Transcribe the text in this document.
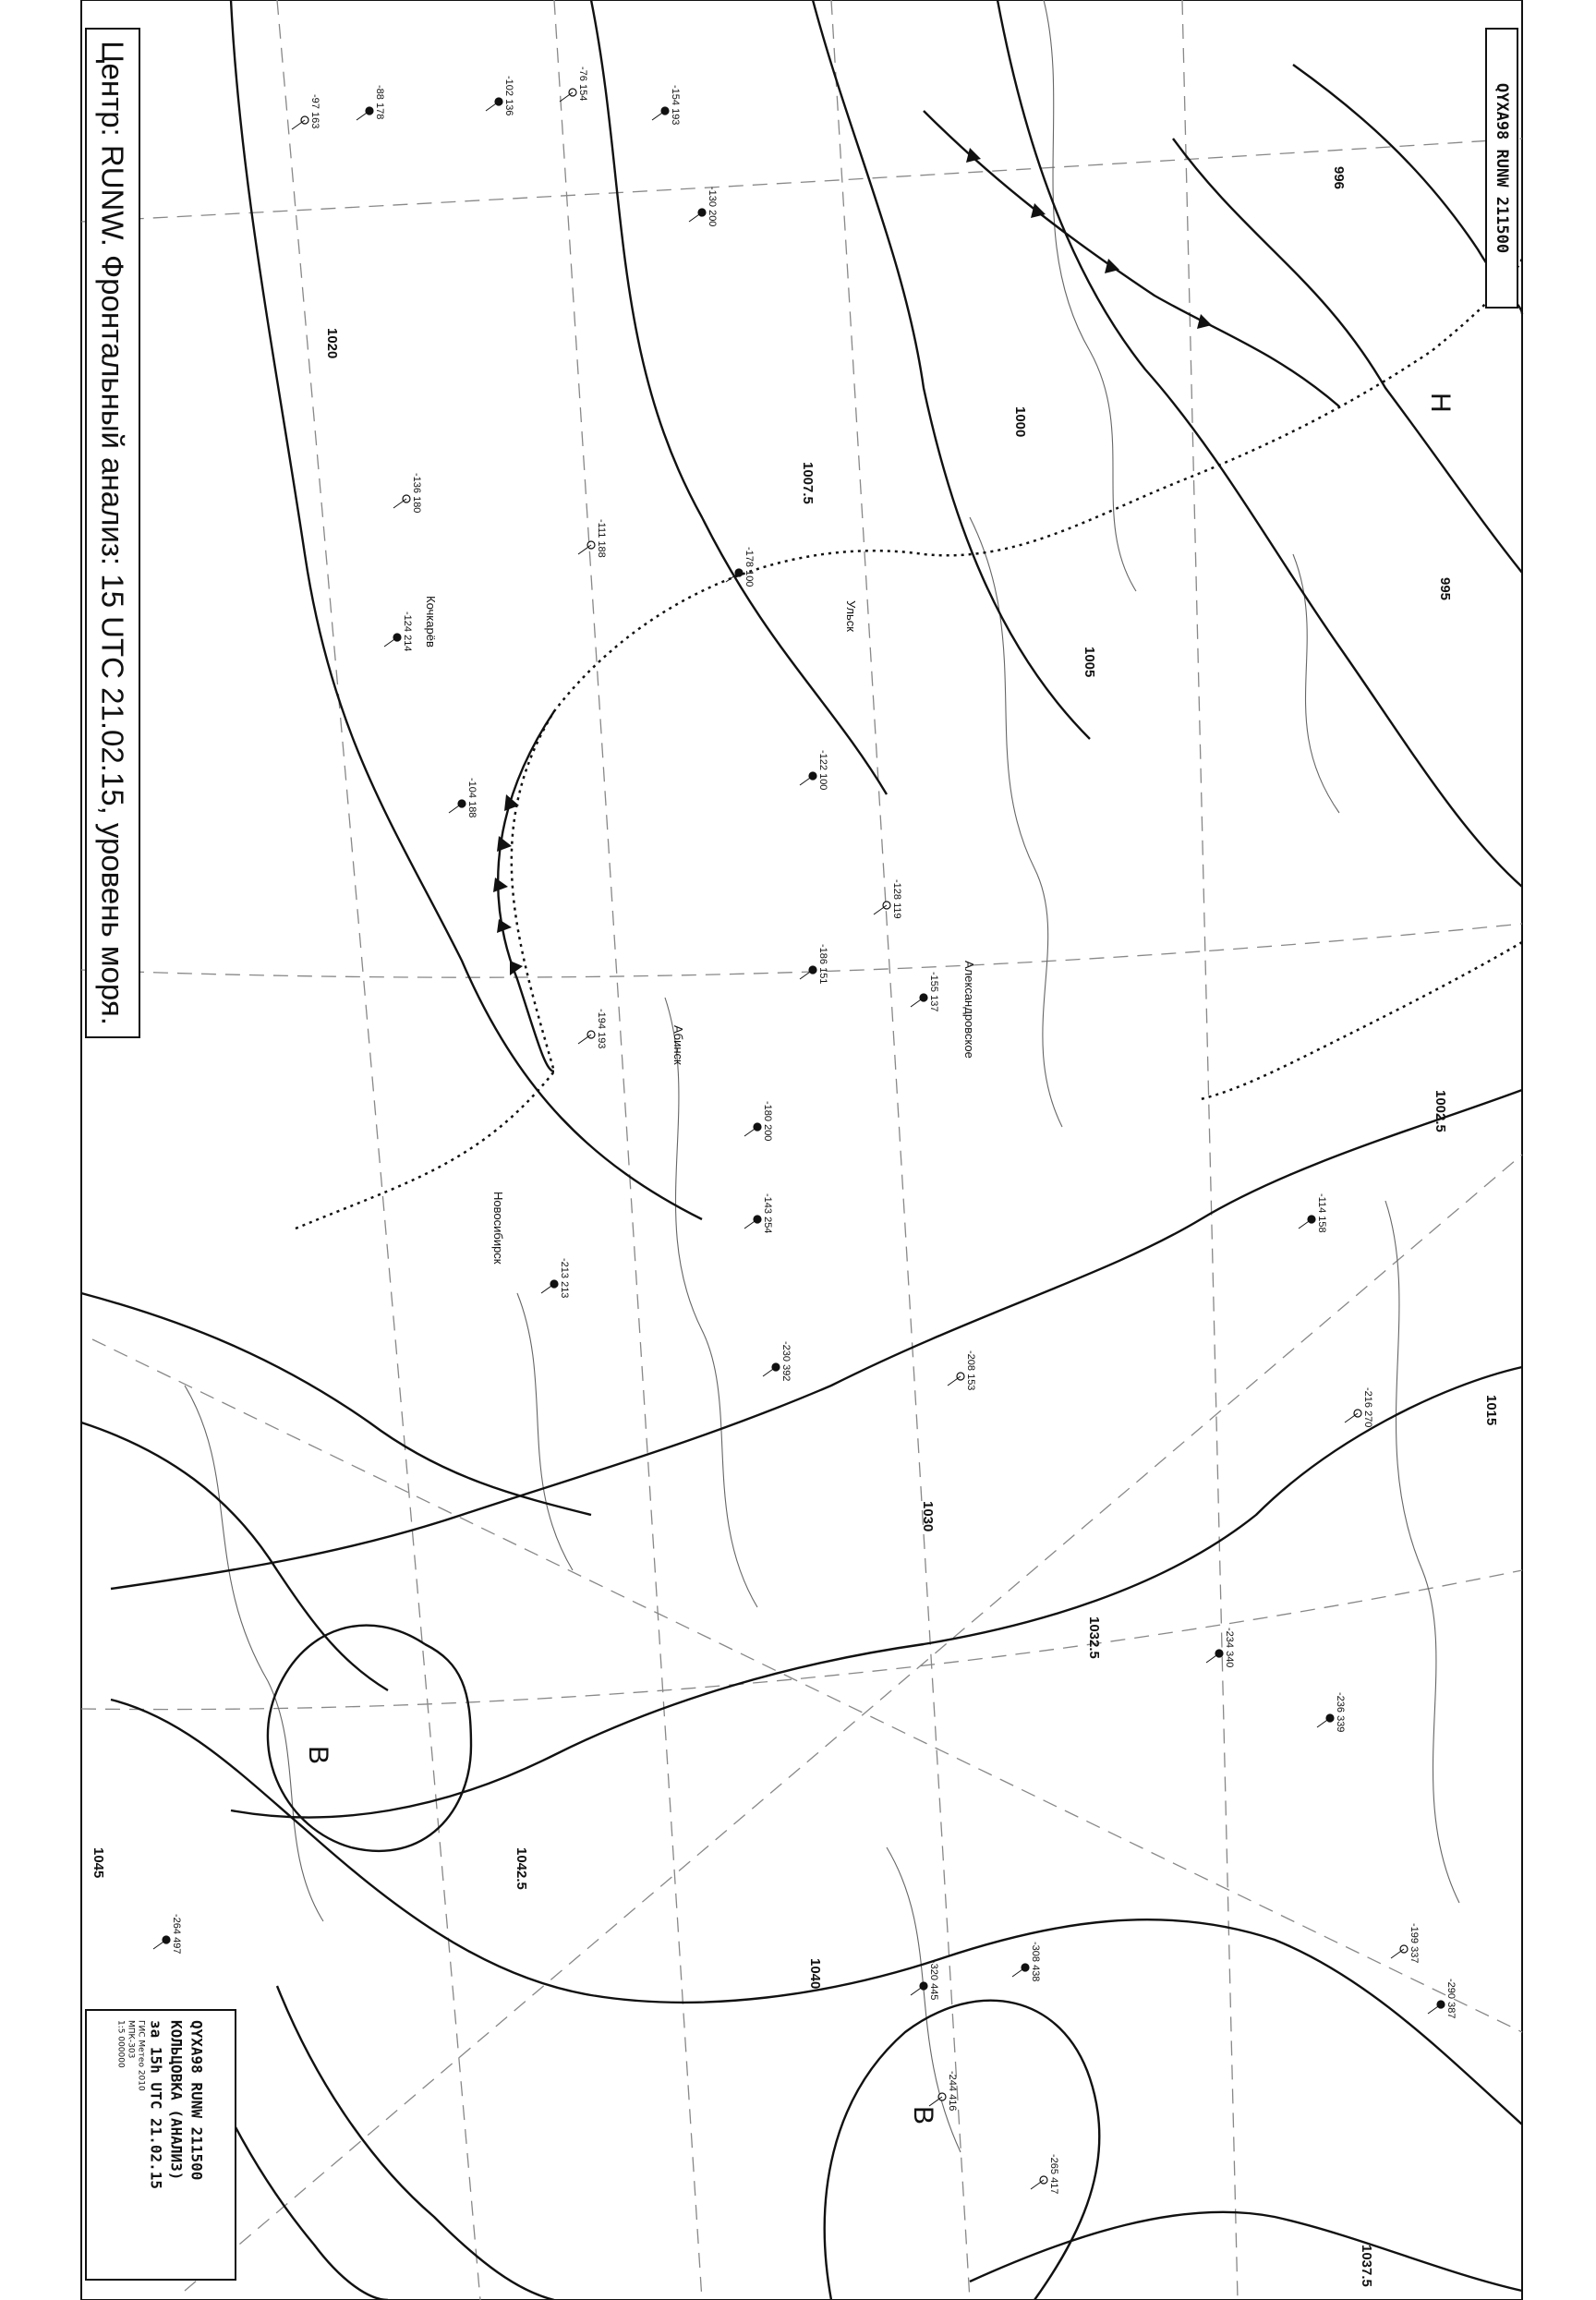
1020
1007.5
1000
995
996
1005
1002.5
1015
1030
1032.5
1040
1042.5
1037.5
1045
Н
В
В
Александровское
Новосибирск
Ульск
Кочкарёв
Абинск
-97 163	-88 178	-102 136	-76 154
-154 193
-130 200
-136 180
-124 214
-104 188
-111 188
-178 100
-122 100
-128 119
-155 137
-186 151
-194 193
-180 200
-143 254
-208 153
-213 213
-230 392
-244 416
-308 438
-320 445
-265 417
-264 497
-290 387
-199 337
-234 340
-236 339
-216 270
-114 158
Центр: RUNW. Фронтальный анализ: 15 UTC 21.02.15, уровень моря.	QYXA98 RUNW 211500
QYXA98 RUNW 211500
КОЛЬЦОВКА (АНАЛИЗ)
за 15h UTC 21.02.15
ГИС Метео 2010
МПК-303
1:5 000000
